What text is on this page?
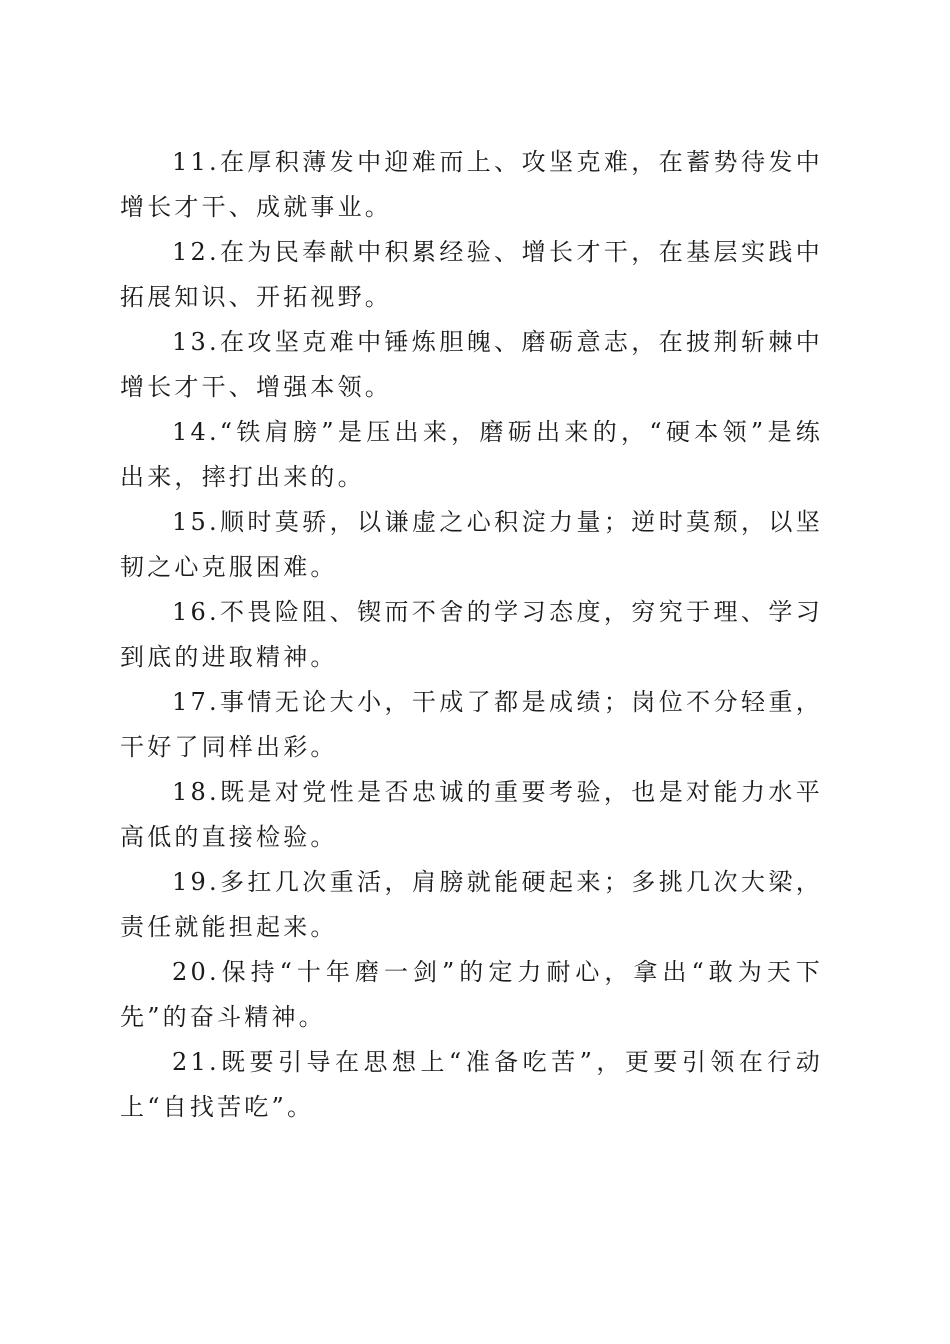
11.在厚积薄发中迎难而上、攻坚克难，在蓄势待发中增长才干、成就事业。

12.在为民奉献中积累经验、增长才干，在基层实践中拓展知识、开拓视野。

13.在攻坚克难中锤炼胆魄、磨砺意志，在披荆斩棘中增长才干、增强本领。

14.“铁肩膀”是压出来，磨砺出来的，“硬本领”是练出来，摔打出来的。

15.顺时莫骄，以谦虚之心积淀力量；逆时莫颓，以坚韧之心克服困难。

16.不畏险阻、锲而不舍的学习态度，穷究于理、学习到底的进取精神。

17.事情无论大小，干成了都是成绩；岗位不分轻重，干好了同样出彩。

18.既是对党性是否忠诚的重要考验，也是对能力水平高低的直接检验。

19.多扛几次重活，肩膀就能硬起来；多挑几次大梁，责任就能担起来。

20.保持“十年磨一剑”的定力耐心，拿出“敢为天下先”的奋斗精神。

21.既要引导在思想上“准备吃苦”，更要引领在行动上“自找苦吃”。
